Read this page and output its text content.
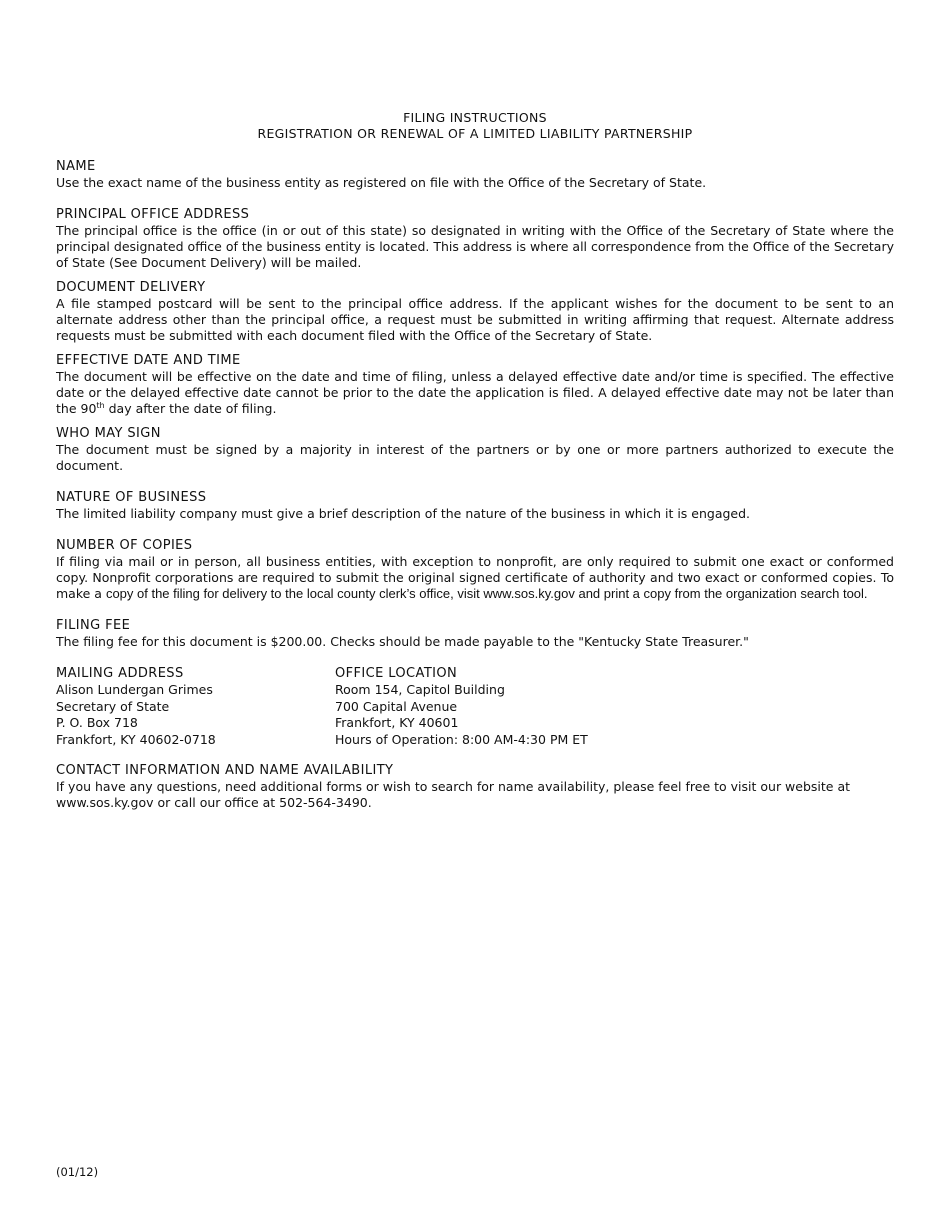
FILING INSTRUCTIONS
REGISTRATION OR RENEWAL OF A LIMITED LIABILITY PARTNERSHIP
NAME

Use the exact name of the business entity as registered on file with the Office of the Secretary of State.

PRINCIPAL OFFICE ADDRESS

The principal office is the office (in or out of this state) so designated in writing with the Office of the Secretary of State where the principal designated office of the business entity is located. This address is where all correspondence from the Office of the Secretary of State (See Document Delivery) will be mailed.

DOCUMENT DELIVERY

A file stamped postcard will be sent to the principal office address. If the applicant wishes for the document to be sent to an alternate address other than the principal office, a request must be submitted in writing affirming that request. Alternate address requests must be submitted with each document filed with the Office of the Secretary of State.

EFFECTIVE DATE AND TIME

The document will be effective on the date and time of filing, unless a delayed effective date and/or time is specified. The effective date or the delayed effective date cannot be prior to the date the application is filed. A delayed effective date may not be later than the 90th day after the date of filing.

WHO MAY SIGN

The document must be signed by a majority in interest of the partners or by one or more partners authorized to execute the document.

NATURE OF BUSINESS

The limited liability company must give a brief description of the nature of the business in which it is engaged.

NUMBER OF COPIES

If filing via mail or in person, all business entities, with exception to nonprofit, are only required to submit one exact or conformed copy. Nonprofit corporations are required to submit the original signed certificate of authority and two exact or conformed copies. To make a copy of the filing for delivery to the local county clerk’s office, visit www.sos.ky.gov and print a copy from the organization search tool.

FILING FEE

The filing fee for this document is $200.00. Checks should be made payable to the "Kentucky State Treasurer."

MAILING ADDRESS
Alison Lundergan Grimes
Secretary of State
P. O. Box 718
Frankfort, KY 40602-0718
OFFICE LOCATION
Room 154, Capitol Building
700 Capital Avenue
Frankfort, KY 40601
Hours of Operation: 8:00 AM-4:30 PM ET
CONTACT INFORMATION AND NAME AVAILABILITY

If you have any questions, need additional forms or wish to search for name availability, please feel free to visit our website at www.sos.ky.gov or call our office at 502-564-3490.

(01/12)
